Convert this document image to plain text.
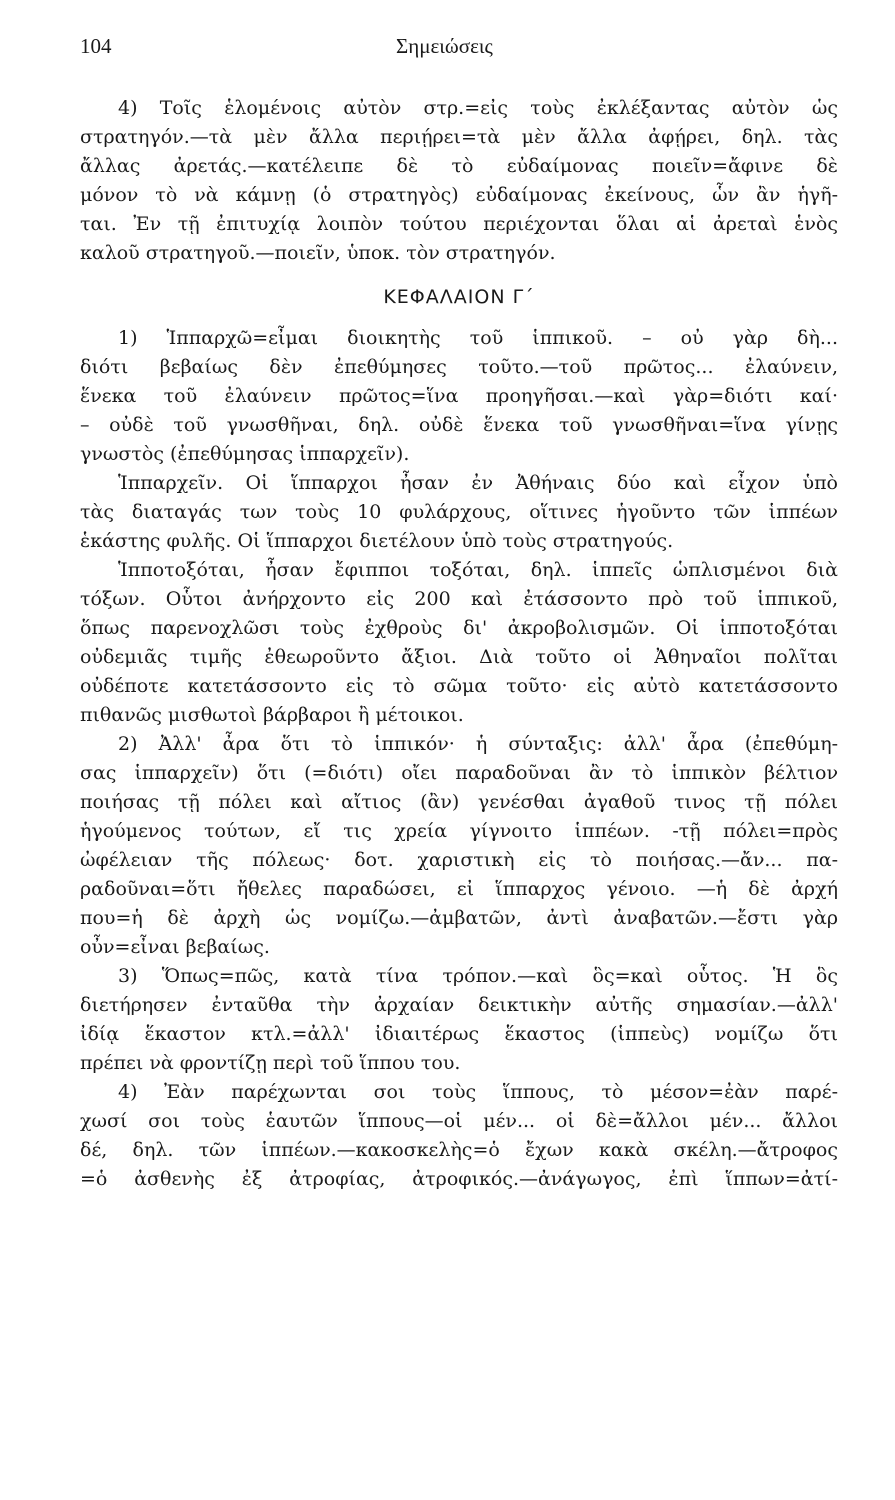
104	Σημειώσεις
4) Τοῖς ἑλομένοις αὐτὸν στρ.=εἰς τοὺς ἐκλέξαντας αὐτὸν ὡς
στρατηγόν.—τὰ μὲν ἄλλα περιῄρει=τὰ μὲν ἄλλα ἀφῄρει, δηλ. τὰς
ἄλλας ἀρετάς.—κατέλειπε δὲ τὸ εὐδαίμονας ποιεῖν=ἄφινε δὲ
μόνον τὸ νὰ κάμνῃ (ὁ στρατηγὸς) εὐδαίμονας ἐκείνους, ὧν ἂν ἡγῆ-
ται. Ἐν τῇ ἐπιτυχίᾳ λοιπὸν τούτου περιέχονται ὅλαι αἱ ἀρεταὶ ἑνὸς
καλοῦ στρατηγοῦ.—ποιεῖν, ὑποκ. τὸν στρατηγόν.
ΚΕΦΑΛΑΙΟΝ Γ΄
1) Ἱππαρχῶ=εἶμαι διοικητὴς τοῦ ἱππικοῦ. – οὐ γὰρ δὴ...
διότι βεβαίως δὲν ἐπεθύμησες τοῦτο.—τοῦ πρῶτος... ἐλαύνειν,
ἕνεκα τοῦ ἐλαύνειν πρῶτος=ἵνα προηγῆσαι.—καὶ γὰρ=διότι καί·
– οὐδὲ τοῦ γνωσθῆναι, δηλ. οὐδὲ ἕνεκα τοῦ γνωσθῆναι=ἵνα γίνῃς
γνωστὸς (ἐπεθύμησας ἱππαρχεῖν).
Ἱππαρχεῖν. Οἱ ἵππαρχοι ἦσαν ἐν Ἀθήναις δύο καὶ εἶχον ὑπὸ
τὰς διαταγάς των τοὺς 10 φυλάρχους, οἵτινες ἡγοῦντο τῶν ἱππέων
ἑκάστης φυλῆς. Οἱ ἵππαρχοι διετέλουν ὑπὸ τοὺς στρατηγούς.
Ἱπποτοξόται, ἦσαν ἔφιπποι τοξόται, δηλ. ἱππεῖς ὡπλισμένοι διὰ
τόξων. Οὗτοι ἀνήρχοντο εἰς 200 καὶ ἐτάσσοντο πρὸ τοῦ ἱππικοῦ,
ὅπως παρενοχλῶσι τοὺς ἐχθροὺς δι' ἀκροβολισμῶν. Οἱ ἱπποτοξόται
οὐδεμιᾶς τιμῆς ἐθεωροῦντο ἄξιοι. Διὰ τοῦτο οἱ Ἀθηναῖοι πολῖται
οὐδέποτε κατετάσσοντο εἰς τὸ σῶμα τοῦτο· εἰς αὐτὸ κατετάσσοντο
πιθανῶς μισθωτοὶ βάρβαροι ἢ μέτοικοι.
2) Ἀλλ' ἆρα ὅτι τὸ ἱππικόν· ἡ σύνταξις: ἀλλ' ἆρα (ἐπεθύμη-
σας ἱππαρχεῖν) ὅτι (=διότι) οἴει παραδοῦναι ἂν τὸ ἱππικὸν βέλτιον
ποιήσας τῇ πόλει καὶ αἴτιος (ἂν) γενέσθαι ἀγαθοῦ τινος τῇ πόλει
ἡγούμενος τούτων, εἴ τις χρεία γίγνοιτο ἱππέων. -τῇ πόλει=πρὸς
ὠφέλειαν τῆς πόλεως· δοτ. χαριστικὴ εἰς τὸ ποιήσας.—ἄν... πα-
ραδοῦναι=ὅτι ἤθελες παραδώσει, εἰ ἵππαρχος γένοιο. —ἡ δὲ ἀρχή
που=ἡ δὲ ἀρχὴ ὡς νομίζω.—ἀμβατῶν, ἀντὶ ἀναβατῶν.—ἔστι γὰρ
οὖν=εἶναι βεβαίως.
3) Ὅπως=πῶς, κατὰ τίνα τρόπον.—καὶ ὃς=καὶ οὗτος. Ἡ ὃς
διετήρησεν ἐνταῦθα τὴν ἀρχαίαν δεικτικὴν αὐτῆς σημασίαν.—ἀλλ'
ἰδίᾳ ἕκαστον κτλ.=ἀλλ' ἰδιαιτέρως ἕκαστος (ἱππεὺς) νομίζω ὅτι
πρέπει νὰ φροντίζῃ περὶ τοῦ ἵππου του.
4) Ἐὰν παρέχωνται σοι τοὺς ἵππους, τὸ μέσον=ἐὰν παρέ-
χωσί σοι τοὺς ἑαυτῶν ἵππους—οἱ μέν... οἱ δὲ=ἄλλοι μέν... ἄλλοι
δέ, δηλ. τῶν ἱππέων.—κακοσκελὴς=ὁ ἔχων κακὰ σκέλη.—ἄτροφος
=ὁ ἀσθενὴς ἐξ ἀτροφίας, ἀτροφικός.—ἀνάγωγος, ἐπὶ ἵππων=ἀτί-
